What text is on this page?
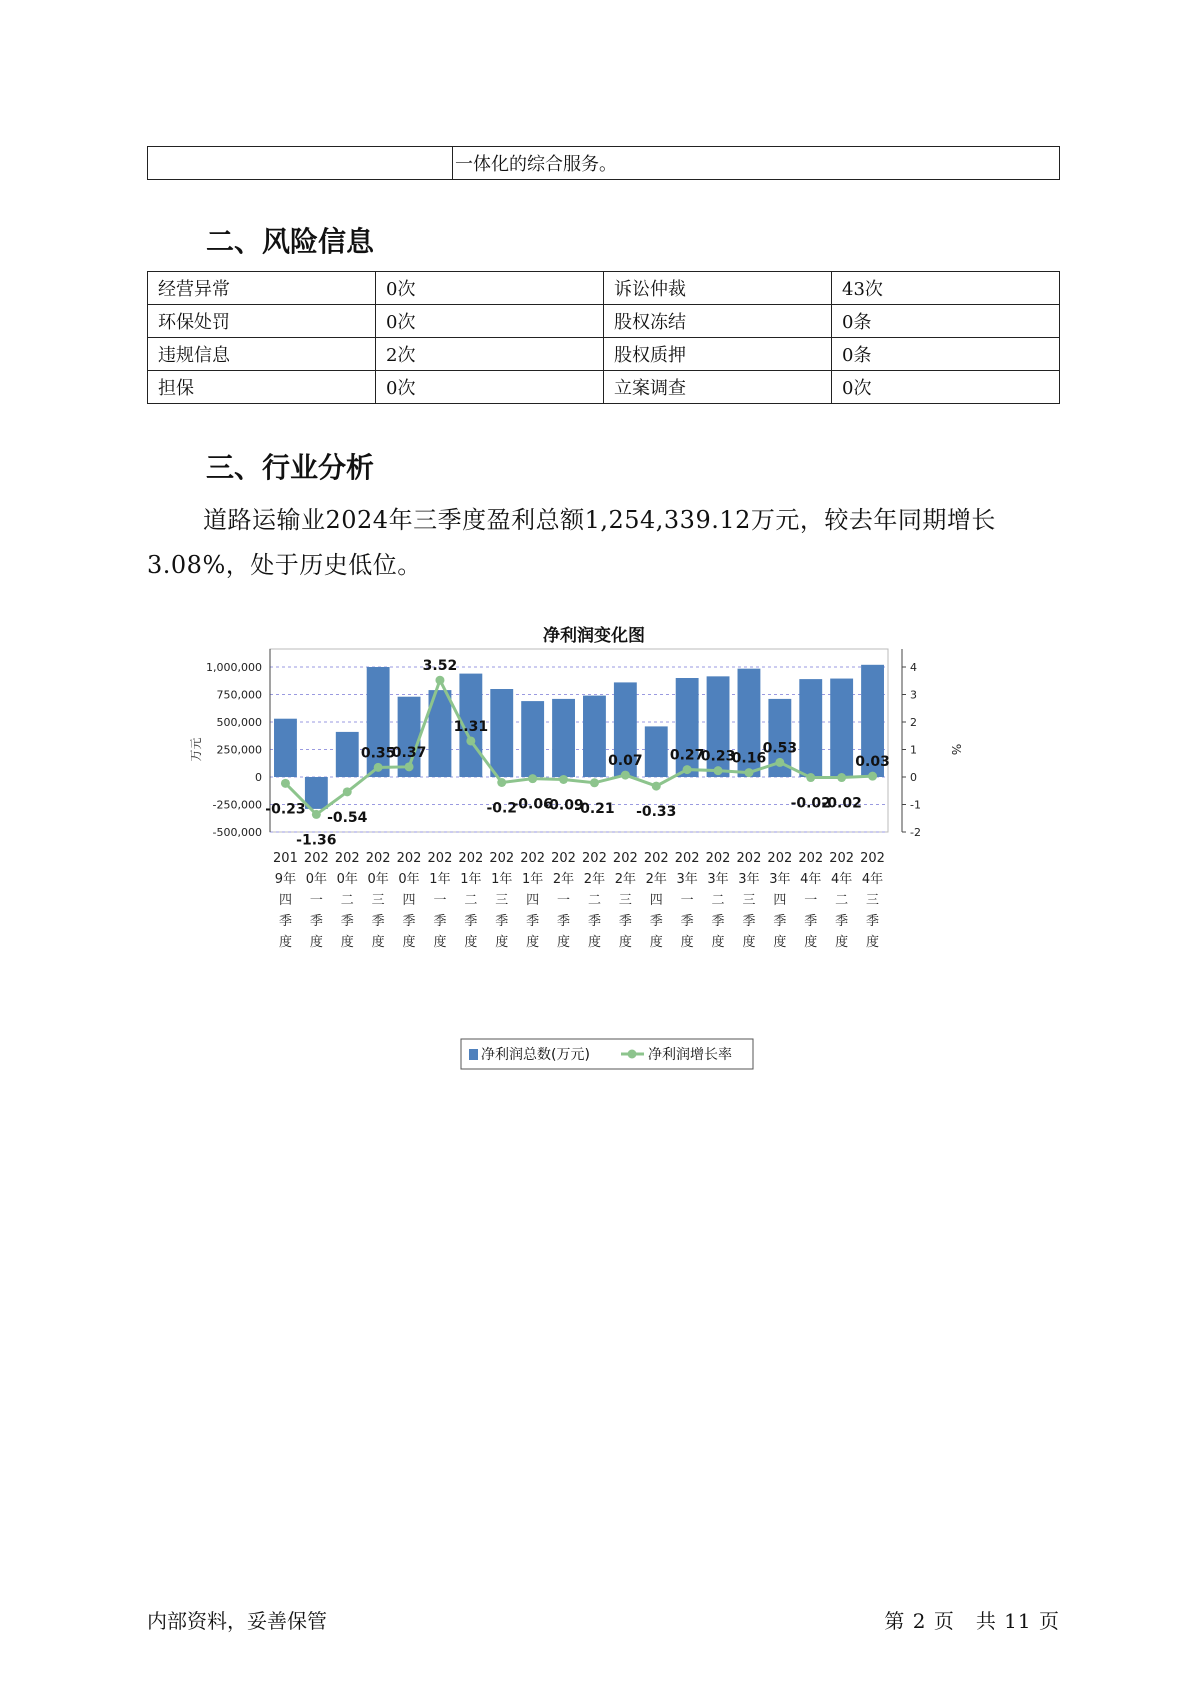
	一体化的综合服务。
二、风险信息
经营异常	0次	诉讼仲裁	43次
环保处罚	0次	股权冻结	0条
违规信息	2次	股权质押	0条
担保	0次	立案调查	0次
三、行业分析

道路运输业2024年三季度盈利总额1,254,339.12万元，较去年同期增长3.08%，处于历史低位。

净利润变化图
1,000,000
750,000
500,000
250,000
0
-250,000
-500,000
4
3
2
1
0
-1
-2
万元	%
-0.23
-1.36
-0.54
0.35
0.37
3.52
1.31
-0.2
-0.06
-0.09
-0.21
0.07
-0.33
0.27
0.23
0.16
0.53
-0.02
-0.02
0.03
201
9年
四
季
度
202
0年
一
季
度
202
0年
二
季
度
202
0年
三
季
度
202
0年
四
季
度
202
1年
一
季
度
202
1年
二
季
度
202
1年
三
季
度
202
1年
四
季
度
202
2年
一
季
度
202
2年
二
季
度
202
2年
三
季
度
202
2年
四
季
度
202
3年
一
季
度
202
3年
二
季
度
202
3年
三
季
度
202
3年
四
季
度
202
4年
一
季
度
202
4年
二
季
度
202
4年
三
季
度
净利润总数(万元)	净利润增长率
内部资料，妥善保管	第 2 页　共 11 页
